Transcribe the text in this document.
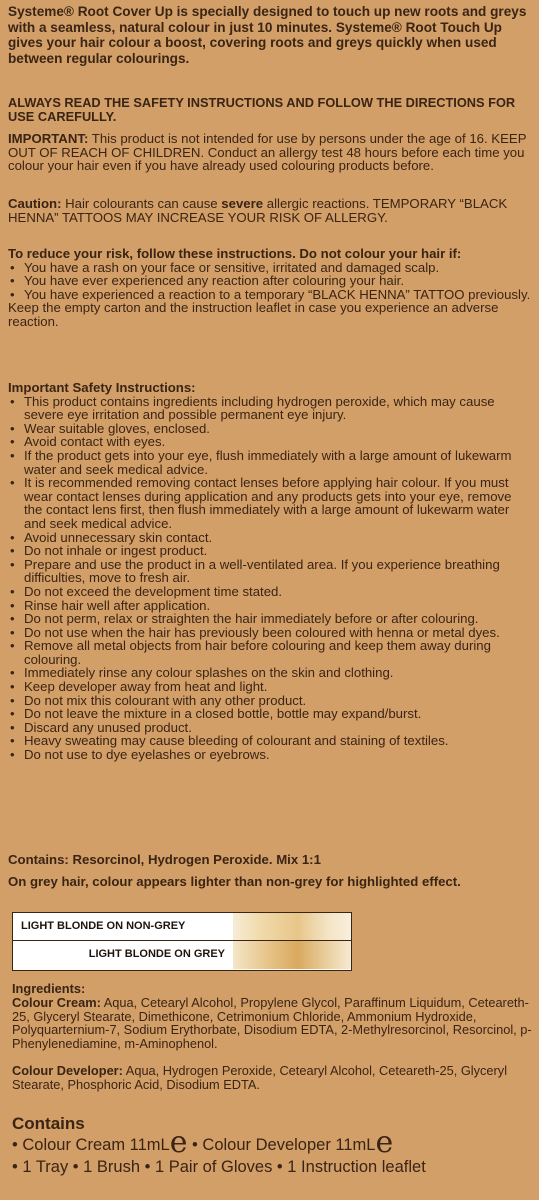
Systeme® Root Cover Up is specially designed to touch up new roots and greys with a seamless, natural colour in just 10 minutes. Systeme® Root Touch Up gives your hair colour a boost, covering roots and greys quickly when used between regular colourings.
ALWAYS READ THE SAFETY INSTRUCTIONS AND FOLLOW THE DIRECTIONS FOR USE CAREFULLY.
IMPORTANT: This product is not intended for use by persons under the age of 16. KEEP OUT OF REACH OF CHILDREN. Conduct an allergy test 48 hours before each time you colour your hair even if you have already used colouring products before.
Caution: Hair colourants can cause severe allergic reactions. TEMPORARY “BLACK HENNA” TATTOOS MAY INCREASE YOUR RISK OF ALLERGY.
To reduce your risk, follow these instructions. Do not colour your hair if:
• You have a rash on your face or sensitive, irritated and damaged scalp.
• You have ever experienced any reaction after colouring your hair.
• You have experienced a reaction to a temporary “BLACK HENNA” TATTOO previously.
Keep the empty carton and the instruction leaflet in case you experience an adverse reaction.
Important Safety Instructions:
• This product contains ingredients including hydrogen peroxide, which may cause severe eye irritation and possible permanent eye injury.
• Wear suitable gloves, enclosed.
• Avoid contact with eyes.
• If the product gets into your eye, flush immediately with a large amount of lukewarm water and seek medical advice.
• It is recommended removing contact lenses before applying hair colour. If you must wear contact lenses during application and any products gets into your eye, remove the contact lens first, then flush immediately with a large amount of lukewarm water and seek medical advice.
• Avoid unnecessary skin contact.
• Do not inhale or ingest product.
• Prepare and use the product in a well-ventilated area. If you experience breathing difficulties, move to fresh air.
• Do not exceed the development time stated.
• Rinse hair well after application.
• Do not perm, relax or straighten the hair immediately before or after colouring.
• Do not use when the hair has previously been coloured with henna or metal dyes.
• Remove all metal objects from hair before colouring and keep them away during colouring.
• Immediately rinse any colour splashes on the skin and clothing.
• Keep developer away from heat and light.
• Do not mix this colourant with any other product.
• Do not leave the mixture in a closed bottle, bottle may expand/burst.
• Discard any unused product.
• Heavy sweating may cause bleeding of colourant and staining of textiles.
• Do not use to dye eyelashes or eyebrows.
Contains: Resorcinol, Hydrogen Peroxide. Mix 1:1
On grey hair, colour appears lighter than non-grey for highlighted effect.
LIGHT BLONDE ON NON-GREY
LIGHT BLONDE ON GREY
Ingredients:
Colour Cream: Aqua, Cetearyl Alcohol, Propylene Glycol, Paraffinum Liquidum, Ceteareth-25, Glyceryl Stearate, Dimethicone, Cetrimonium Chloride, Ammonium Hydroxide, Polyquarternium-7, Sodium Erythorbate, Disodium EDTA, 2-Methylresorcinol, Resorcinol, p-Phenylenediamine, m-Aminophenol.
Colour Developer: Aqua, Hydrogen Peroxide, Cetearyl Alcohol, Ceteareth-25, Glyceryl Stearate, Phosphoric Acid, Disodium EDTA.
Contains
• Colour Cream 11mLe • Colour Developer 11mLe
• 1 Tray • 1 Brush • 1 Pair of Gloves • 1 Instruction leaflet
